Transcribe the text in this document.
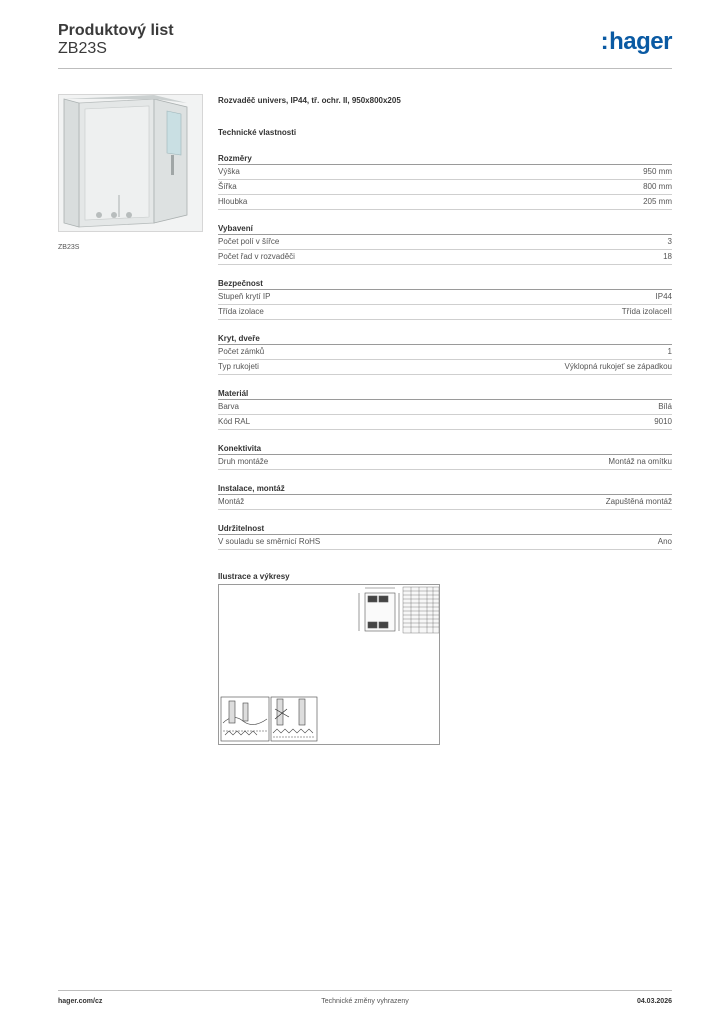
Produktový list
ZB23S	:hager
ZB23S
Rozvaděč univers, IP44, tř. ochr. II, 950x800x205
Technické vlastnosti
Rozměry
Výška	950 mm
Šířka	800 mm
Hloubka	205 mm
Vybavení
Počet polí v šířce	3
Počet řad v rozvaděči	18
Bezpečnost
Stupeň krytí IP	IP44
Třída izolace	Třída izolaceII
Kryt, dveře
Počet zámků	1
Typ rukojeti	Výklopná rukojeť se západkou
Materiál
Barva	Bílá
Kód RAL	9010
Konektivita
Druh montáže	Montáž na omítku
Instalace, montáž
Montáž	Zapuštěná montáž
Udržitelnost
V souladu se směrnicí RoHS	Ano
Ilustrace a výkresy
hager.com/cz	Technické změny vyhrazeny	04.03.2026
